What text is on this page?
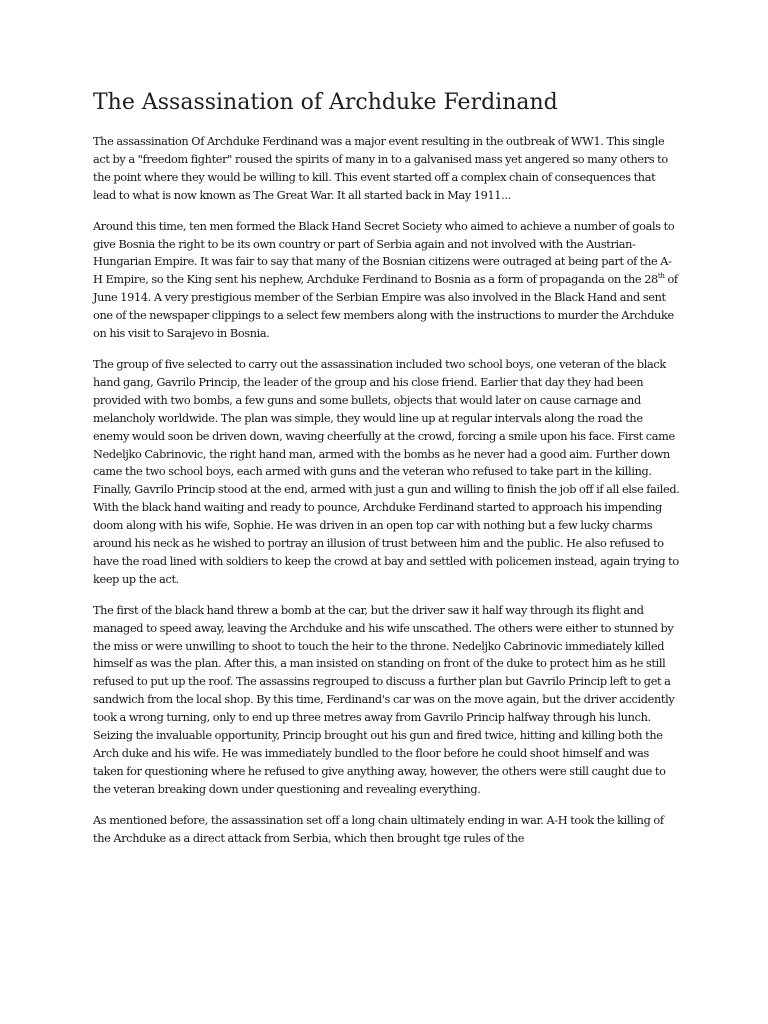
The Assassination of Archduke Ferdinand

The assassination Of Archduke Ferdinand was a major event resulting in the outbreak of WW1. This single act by a "freedom fighter" roused the spirits of many in to a galvanised mass yet angered so many others to the point where they would be willing to kill. This event started off a complex chain of consequences that lead to what is now known as The Great War. It all started back in May 1911...

Around this time, ten men formed the Black Hand Secret Society who aimed to achieve a number of goals to give Bosnia the right to be its own country or part of Serbia again and not involved with the Austrian-Hungarian Empire. It was fair to say that many of the Bosnian citizens were outraged at being part of the A-H Empire, so the King sent his nephew, Archduke Ferdinand to Bosnia as a form of propaganda on the 28th of June 1914. A very prestigious member of the Serbian Empire was also involved in the Black Hand and sent one of the newspaper clippings to a select few members along with the instructions to murder the Archduke on his visit to Sarajevo in Bosnia.

The group of five selected to carry out the assassination included two school boys, one veteran of the black hand gang, Gavrilo Princip, the leader of the group and his close friend. Earlier that day they had been provided with two bombs, a few guns and some bullets, objects that would later on cause carnage and melancholy worldwide. The plan was simple, they would line up at regular intervals along the road the enemy would soon be driven down, waving cheerfully at the crowd, forcing a smile upon his face. First came Nedeljko Cabrinovic, the right hand man, armed with the bombs as he never had a good aim. Further down came the two school boys, each armed with guns and the veteran who refused to take part in the killing. Finally, Gavrilo Princip stood at the end, armed with just a gun and willing to finish the job off if all else failed. With the black hand waiting and ready to pounce, Archduke Ferdinand started to approach his impending doom along with his wife, Sophie. He was driven in an open top car with nothing but a few lucky charms around his neck as he wished to portray an illusion of trust between him and the public. He also refused to have the road lined with soldiers to keep the crowd at bay and settled with policemen instead, again trying to keep up the act.

The first of the black hand threw a bomb at the car, but the driver saw it half way through its flight and managed to speed away, leaving the Archduke and his wife unscathed. The others were either to stunned by the miss or were unwilling to shoot to touch the heir to the throne. Nedeljko Cabrinovic immediately killed himself as was the plan. After this, a man insisted on standing on front of the duke to protect him as he still refused to put up the roof. The assassins regrouped to discuss a further plan but Gavrilo Princip left to get a sandwich from the local shop. By this time, Ferdinand's car was on the move again, but the driver accidently took a wrong turning, only to end up three metres away from Gavrilo Princip halfway through his lunch. Seizing the invaluable opportunity, Princip brought out his gun and fired twice, hitting and killing both the Arch duke and his wife. He was immediately bundled to the floor before he could shoot himself and was taken for questioning where he refused to give anything away, however, the others were still caught due to the veteran breaking down under questioning and revealing everything.

As mentioned before, the assassination set off a long chain ultimately ending in war. A-H took the killing of the Archduke as a direct attack from Serbia, which then brought tge rules of the
